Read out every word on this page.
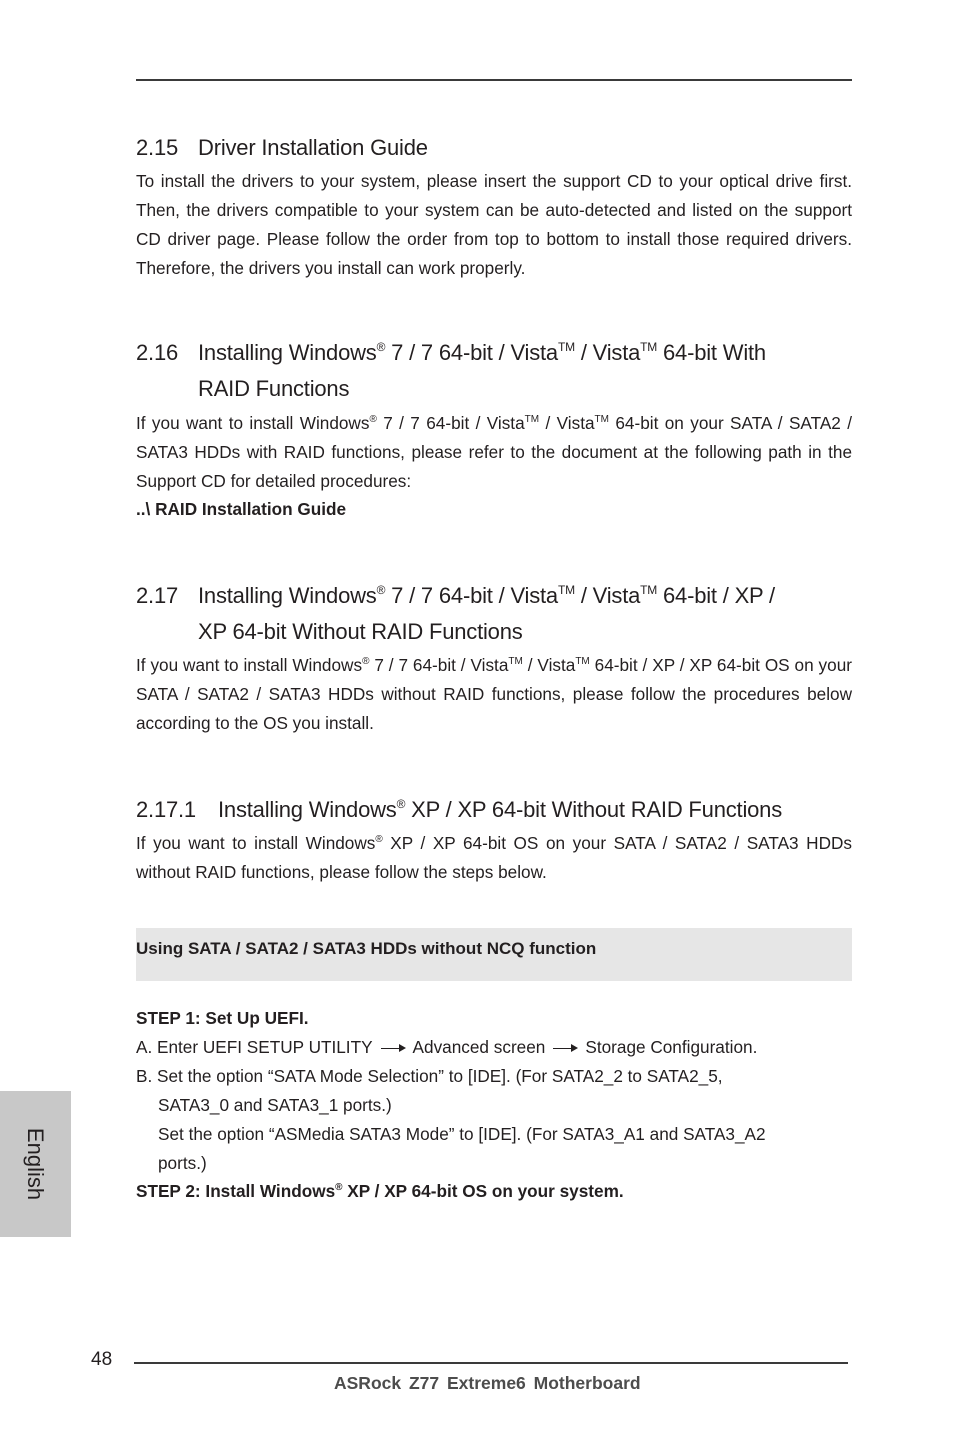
2.15 Driver Installation Guide
To install the drivers to your system, please insert the support CD to your optical drive first. Then, the drivers compatible to your system can be auto-detected and listed on the support CD driver page. Please follow the order from top to bottom to install those required drivers. Therefore, the drivers you install can work properly.
2.16 Installing Windows® 7 / 7 64-bit / Vista™ / Vista™ 64-bit With
RAID Functions
If you want to install Windows® 7 / 7 64-bit / Vista™ / Vista™ 64-bit on your SATA / SATA2 / SATA3 HDDs with RAID functions, please refer to the document at the following path in the Support CD for detailed procedures:
..\ RAID Installation Guide
2.17 Installing Windows® 7 / 7 64-bit / Vista™ / Vista™ 64-bit / XP /
XP 64-bit Without RAID Functions
If you want to install Windows® 7 / 7 64-bit / Vista™ / Vista™ 64-bit / XP / XP 64-bit OS on your SATA / SATA2 / SATA3 HDDs without RAID functions, please follow the procedures below according to the OS you install.
2.17.1 Installing Windows® XP / XP 64-bit Without RAID Functions
If you want to install Windows® XP / XP 64-bit OS on your SATA / SATA2 / SATA3 HDDs without RAID functions, please follow the steps below.
Using SATA / SATA2 / SATA3 HDDs without NCQ function
STEP 1: Set Up UEFI.
A. Enter UEFI SETUP UTILITY Advanced screen Storage Configuration.
B. Set the option “SATA Mode Selection” to [IDE]. (For SATA2_2 to SATA2_5,
SATA3_0 and SATA3_1 ports.)
Set the option “ASMedia SATA3 Mode” to [IDE]. (For SATA3_A1 and SATA3_A2
ports.)
STEP 2: Install Windows® XP / XP 64-bit OS on your system.
English
48
ASRock Z77 Extreme6 Motherboard
